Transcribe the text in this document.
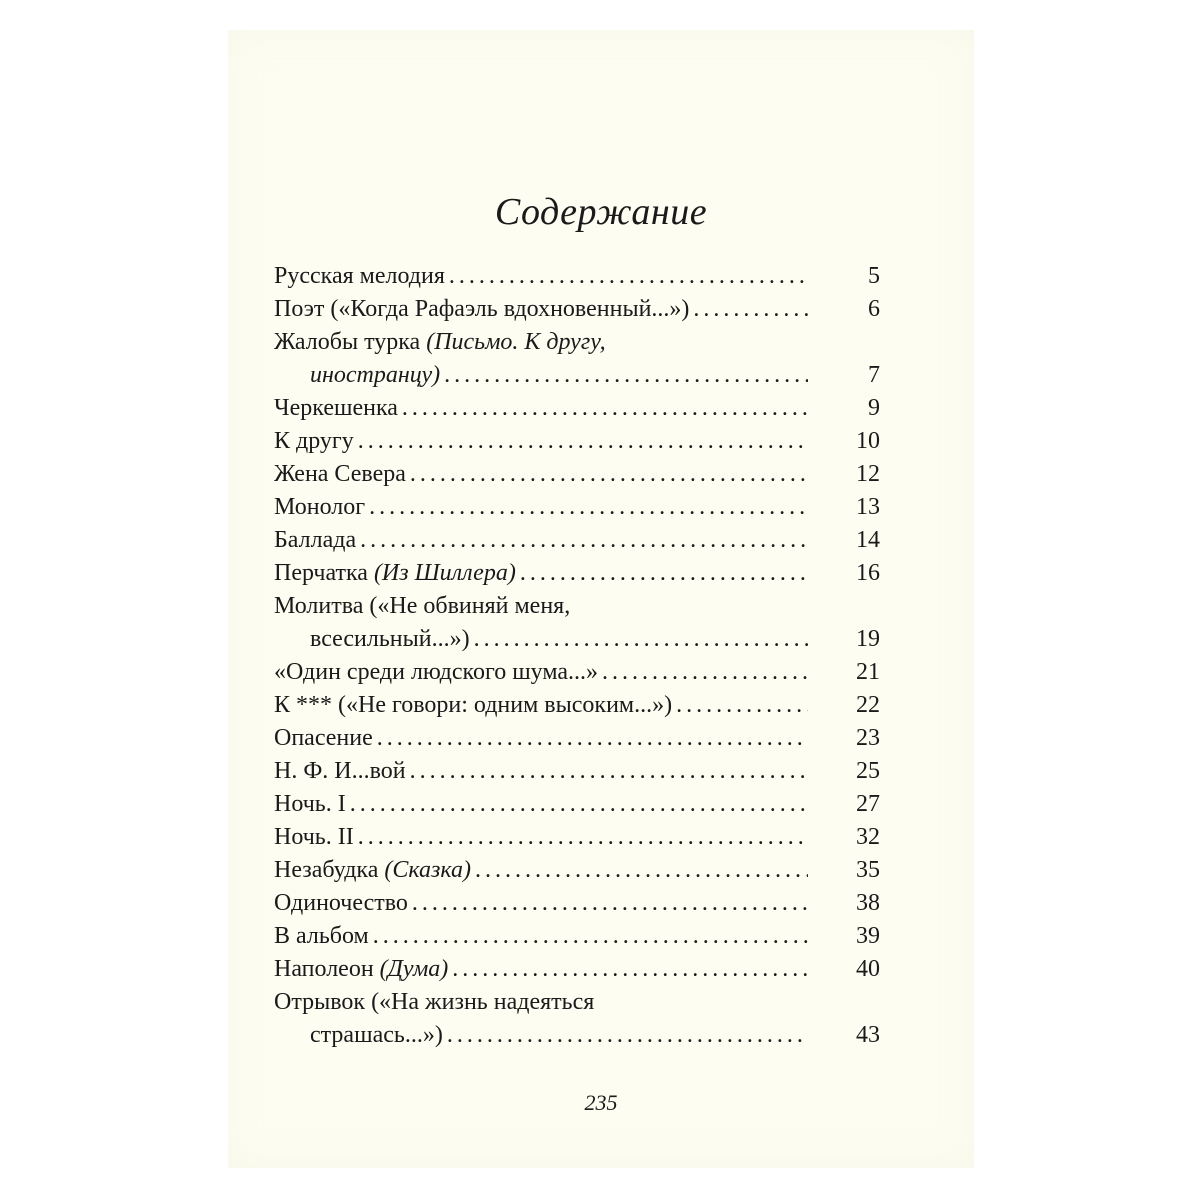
Содержание
Русская мелодия . . .	5
Поэт («Когда Рафаэль вдохновенный...») . . .	6
Жалобы турка (Письмо. К другу,
иностранцу) . . .	7
Черкешенка . . .	9
К другу . . .	10
Жена Севера . . .	12
Монолог . . .	13
Баллада . . .	14
Перчатка (Из Шиллера) . . .	16
Молитва («Не обвиняй меня,
всесильный...») . . .	19
«Один среди людского шума...» . . .	21
К *** («Не говори: одним высоким...») . . .	22
Опасение . . .	23
Н. Ф. И...вой . . .	25
Ночь. I . . .	27
Ночь. II . . .	32
Незабудка (Сказка) . . .	35
Одиночество . . .	38
В альбом . . .	39
Наполеон (Дума) . . .	40
Отрывок («На жизнь надеяться
страшась...») . . .	43
235
